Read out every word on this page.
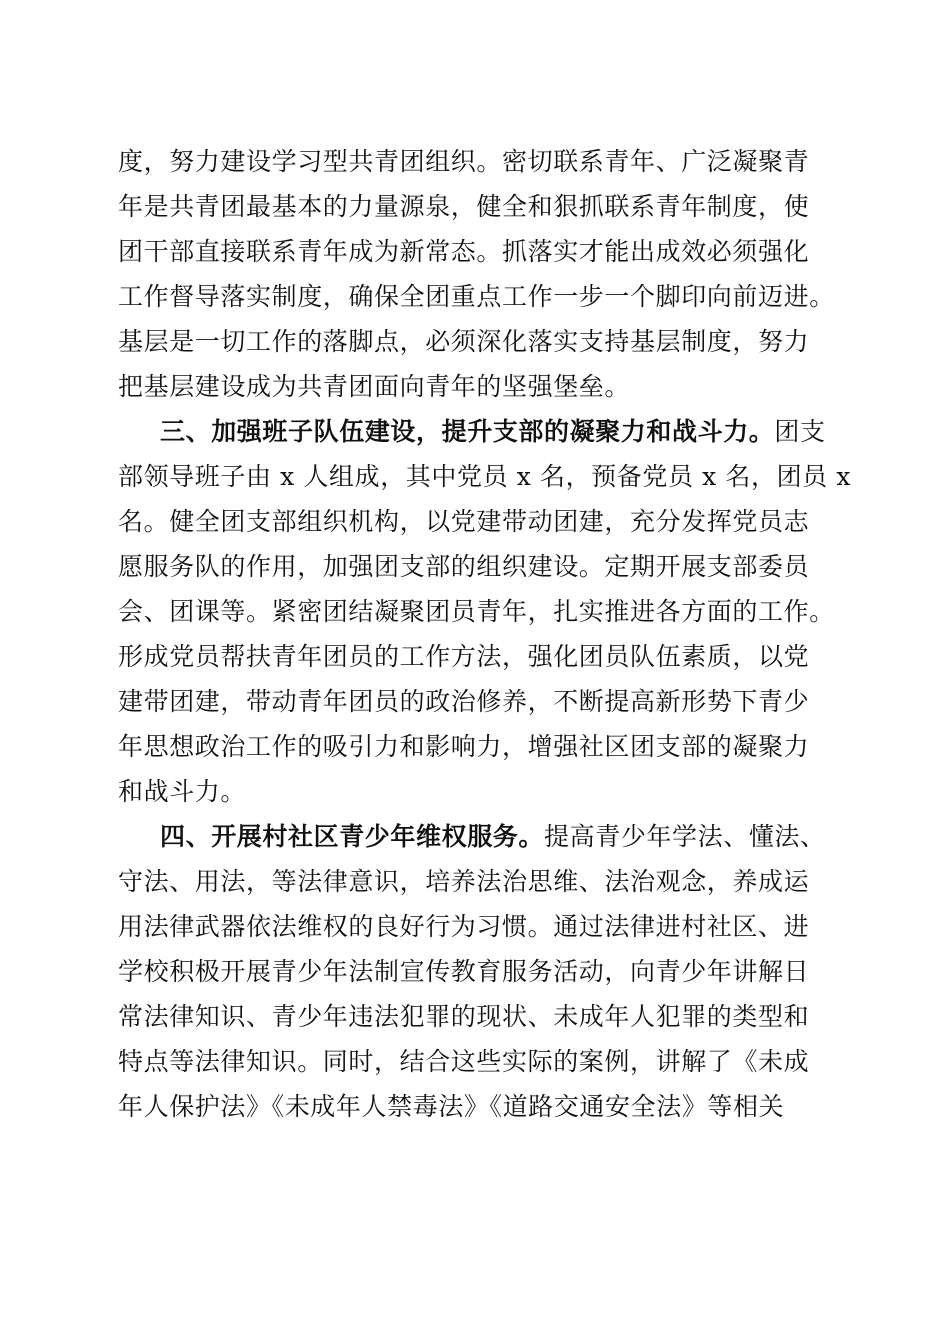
度，努力建设学习型共青团组织。密切联系青年、广泛凝聚青
年是共青团最基本的力量源泉，健全和狠抓联系青年制度，使
团干部直接联系青年成为新常态。抓落实才能出成效必须强化
工作督导落实制度，确保全团重点工作一步一个脚印向前迈进。
基层是一切工作的落脚点，必须深化落实支持基层制度，努力
把基层建设成为共青团面向青年的坚强堡垒。
三、加强班子队伍建设，提升支部的凝聚力和战斗力。团支
部领导班子由 x 人组成，其中党员 x 名，预备党员 x 名，团员 x
名。健全团支部组织机构，以党建带动团建，充分发挥党员志
愿服务队的作用，加强团支部的组织建设。定期开展支部委员
会、团课等。紧密团结凝聚团员青年，扎实推进各方面的工作。
形成党员帮扶青年团员的工作方法，强化团员队伍素质，以党
建带团建，带动青年团员的政治修养，不断提高新形势下青少
年思想政治工作的吸引力和影响力，增强社区团支部的凝聚力
和战斗力。
四、开展村社区青少年维权服务。提高青少年学法、懂法、
守法、用法，等法律意识，培养法治思维、法治观念，养成运
用法律武器依法维权的良好行为习惯。通过法律进村社区、进
学校积极开展青少年法制宣传教育服务活动，向青少年讲解日
常法律知识、青少年违法犯罪的现状、未成年人犯罪的类型和
特点等法律知识。同时，结合这些实际的案例，讲解了《未成
年人保护法》《未成年人禁毒法》《道路交通安全法》等相关
